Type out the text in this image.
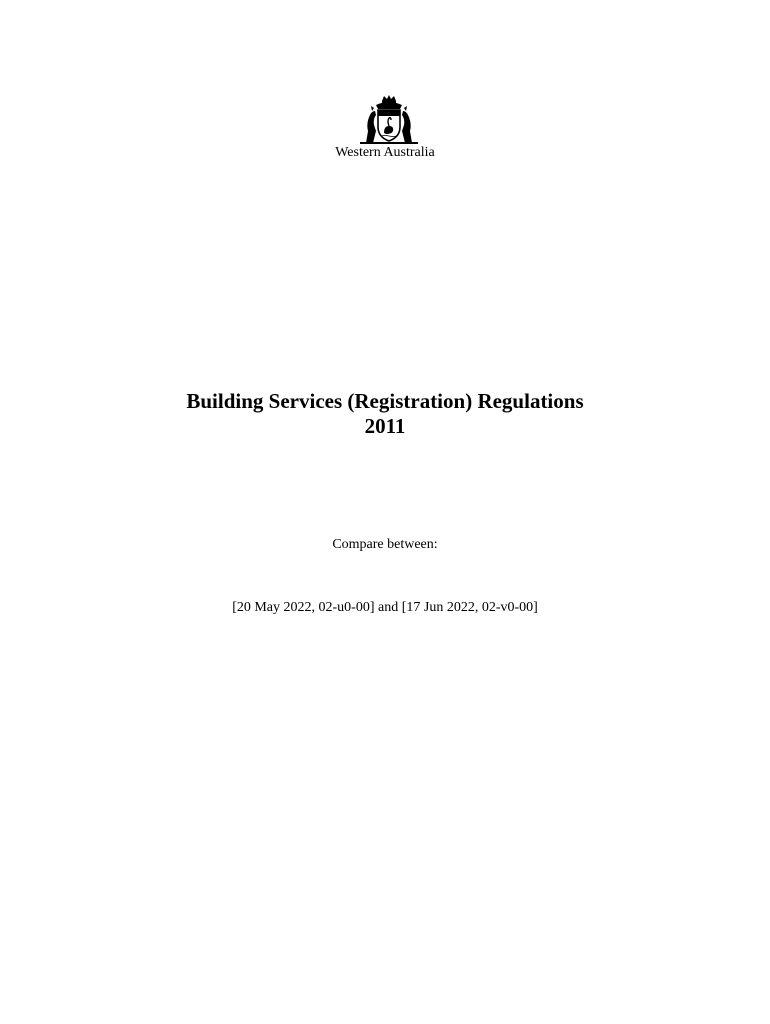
Western Australia
Building Services (Registration) Regulations
2011
Compare between:
[20 May 2022, 02-u0-00] and [17 Jun 2022, 02-v0-00]
